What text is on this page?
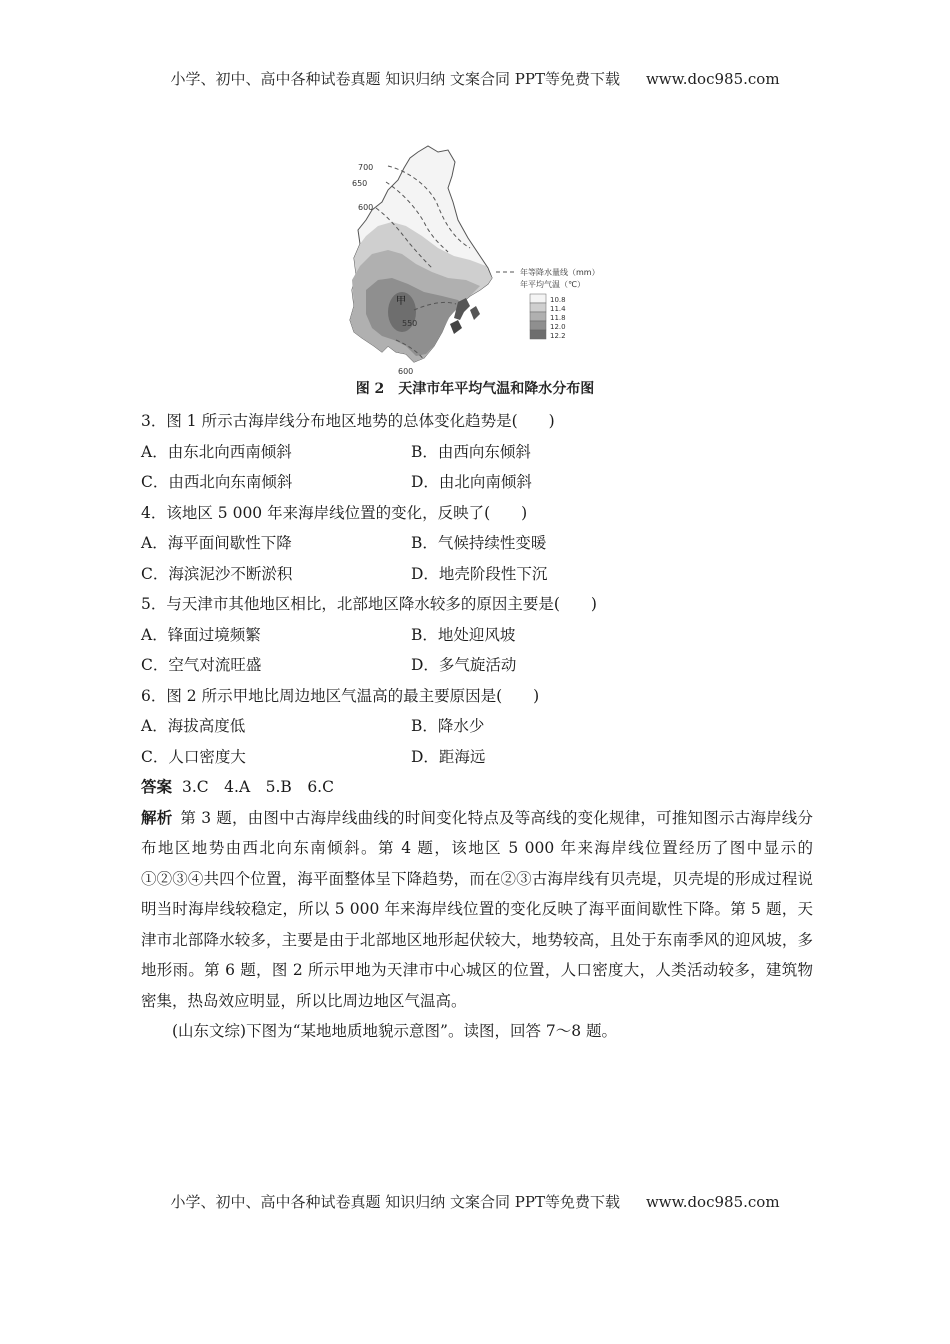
小学、初中、高中各种试卷真题 知识归纳 文案合同 PPT等免费下载 www.doc985.com
700
650
600
550
600
甲
年等降水量线（mm）
年平均气温（℃）
10.8
11.4
11.8
12.0
12.2
图 2　天津市年平均气温和降水分布图
3．图 1 所示古海岸线分布地区地势的总体变化趋势是(　　)
A．由东北向西南倾斜	B．由西向东倾斜
C．由西北向东南倾斜	D．由北向南倾斜
4．该地区 5 000 年来海岸线位置的变化，反映了(　　)
A．海平面间歇性下降	B．气候持续性变暖
C．海滨泥沙不断淤积	D．地壳阶段性下沉
5．与天津市其他地区相比，北部地区降水较多的原因主要是(　　)
A．锋面过境频繁	B．地处迎风坡
C．空气对流旺盛	D．多气旋活动
6．图 2 所示甲地比周边地区气温高的最主要原因是(　　)
A．海拔高度低	B．降水少
C．人口密度大	D．距海远
答案 3.C　4.A　5.B　6.C
解析 第 3 题，由图中古海岸线曲线的时间变化特点及等高线的变化规律，可推知图示古海岸线分布地区地势由西北向东南倾斜。第 4 题，该地区 5 000 年来海岸线位置经历了图中显示的①②③④共四个位置，海平面整体呈下降趋势，而在②③古海岸线有贝壳堤，贝壳堤的形成过程说明当时海岸线较稳定，所以 5 000 年来海岸线位置的变化反映了海平面间歇性下降。第 5 题，天津市北部降水较多，主要是由于北部地区地形起伏较大，地势较高，且处于东南季风的迎风坡，多地形雨。第 6 题，图 2 所示甲地为天津市中心城区的位置，人口密度大，人类活动较多，建筑物密集，热岛效应明显，所以比周边地区气温高。
(山东文综)下图为“某地地质地貌示意图”。读图，回答 7～8 题。
小学、初中、高中各种试卷真题 知识归纳 文案合同 PPT等免费下载 www.doc985.com
